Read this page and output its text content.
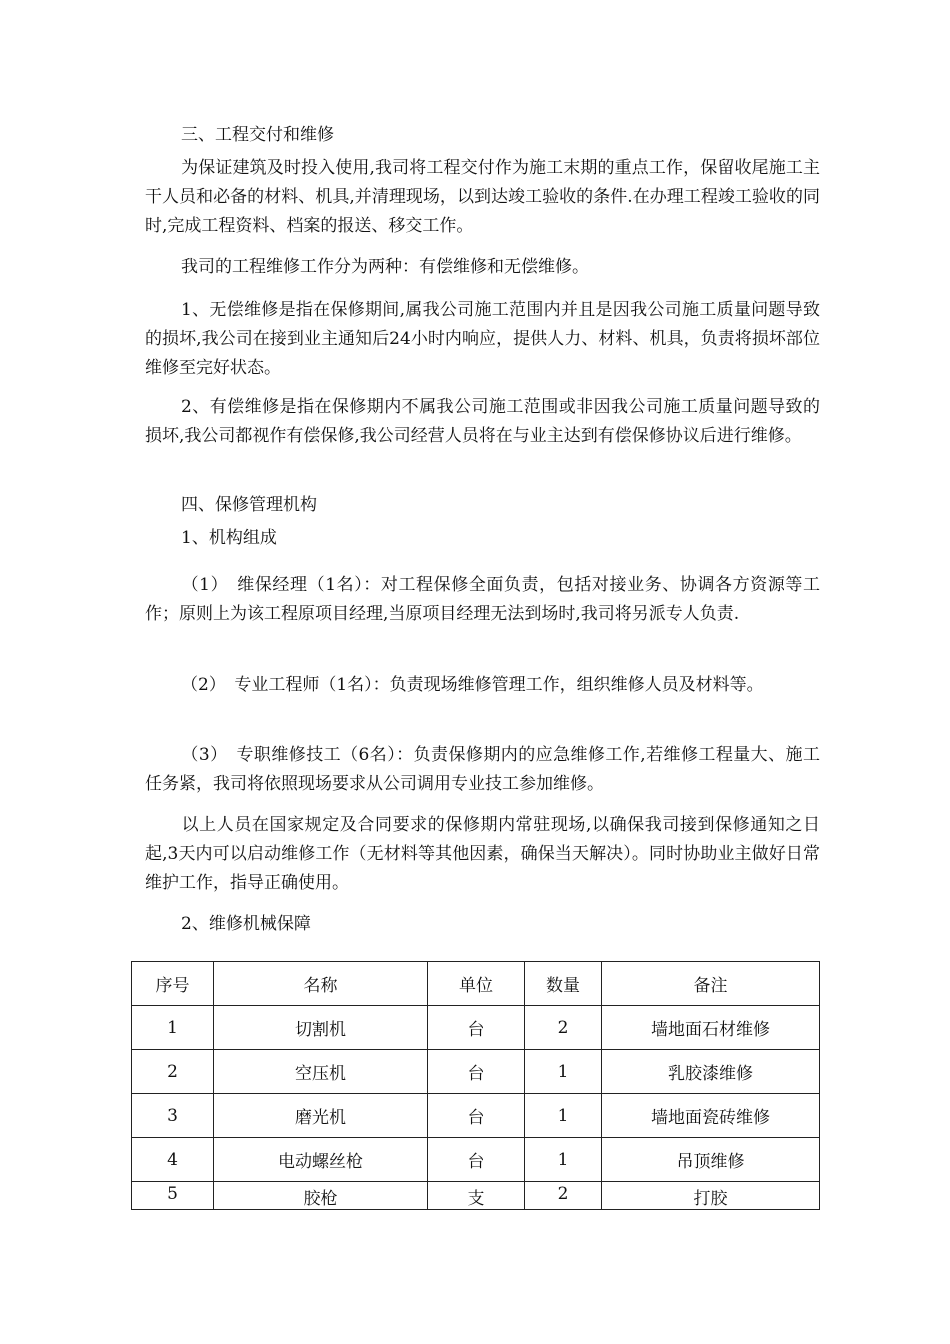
三、工程交付和维修
为保证建筑及时投入使用,我司将工程交付作为施工末期的重点工作，保留收尾施工主干人员和必备的材料、机具,并清理现场，以到达竣工验收的条件.在办理工程竣工验收的同时,完成工程资料、档案的报送、移交工作。
我司的工程维修工作分为两种：有偿维修和无偿维修。
1、无偿维修是指在保修期间,属我公司施工范围内并且是因我公司施工质量问题导致的损坏,我公司在接到业主通知后24小时内响应，提供人力、材料、机具，负责将损坏部位维修至完好状态。
2、有偿维修是指在保修期内不属我公司施工范围或非因我公司施工质量问题导致的损坏,我公司都视作有偿保修,我公司经营人员将在与业主达到有偿保修协议后进行维修。
四、保修管理机构
1、机构组成
（1）　维保经理（1名）：对工程保修全面负责，包括对接业务、协调各方资源等工作；原则上为该工程原项目经理,当原项目经理无法到场时,我司将另派专人负责.
（2）　专业工程师（1名）：负责现场维修管理工作，组织维修人员及材料等。
（3）　专职维修技工（6名）：负责保修期内的应急维修工作,若维修工程量大、施工任务紧，我司将依照现场要求从公司调用专业技工参加维修。
以上人员在国家规定及合同要求的保修期内常驻现场,以确保我司接到保修通知之日起,3天内可以启动维修工作（无材料等其他因素，确保当天解决）。同时协助业主做好日常维护工作，指导正确使用。
2、维修机械保障
序号	名称	单位	数量	备注
1	切割机	台	2	墙地面石材维修
2	空压机	台	1	乳胶漆维修
3	磨光机	台	1	墙地面瓷砖维修
4	电动螺丝枪	台	1	吊顶维修
5	胶枪	支	2	打胶
